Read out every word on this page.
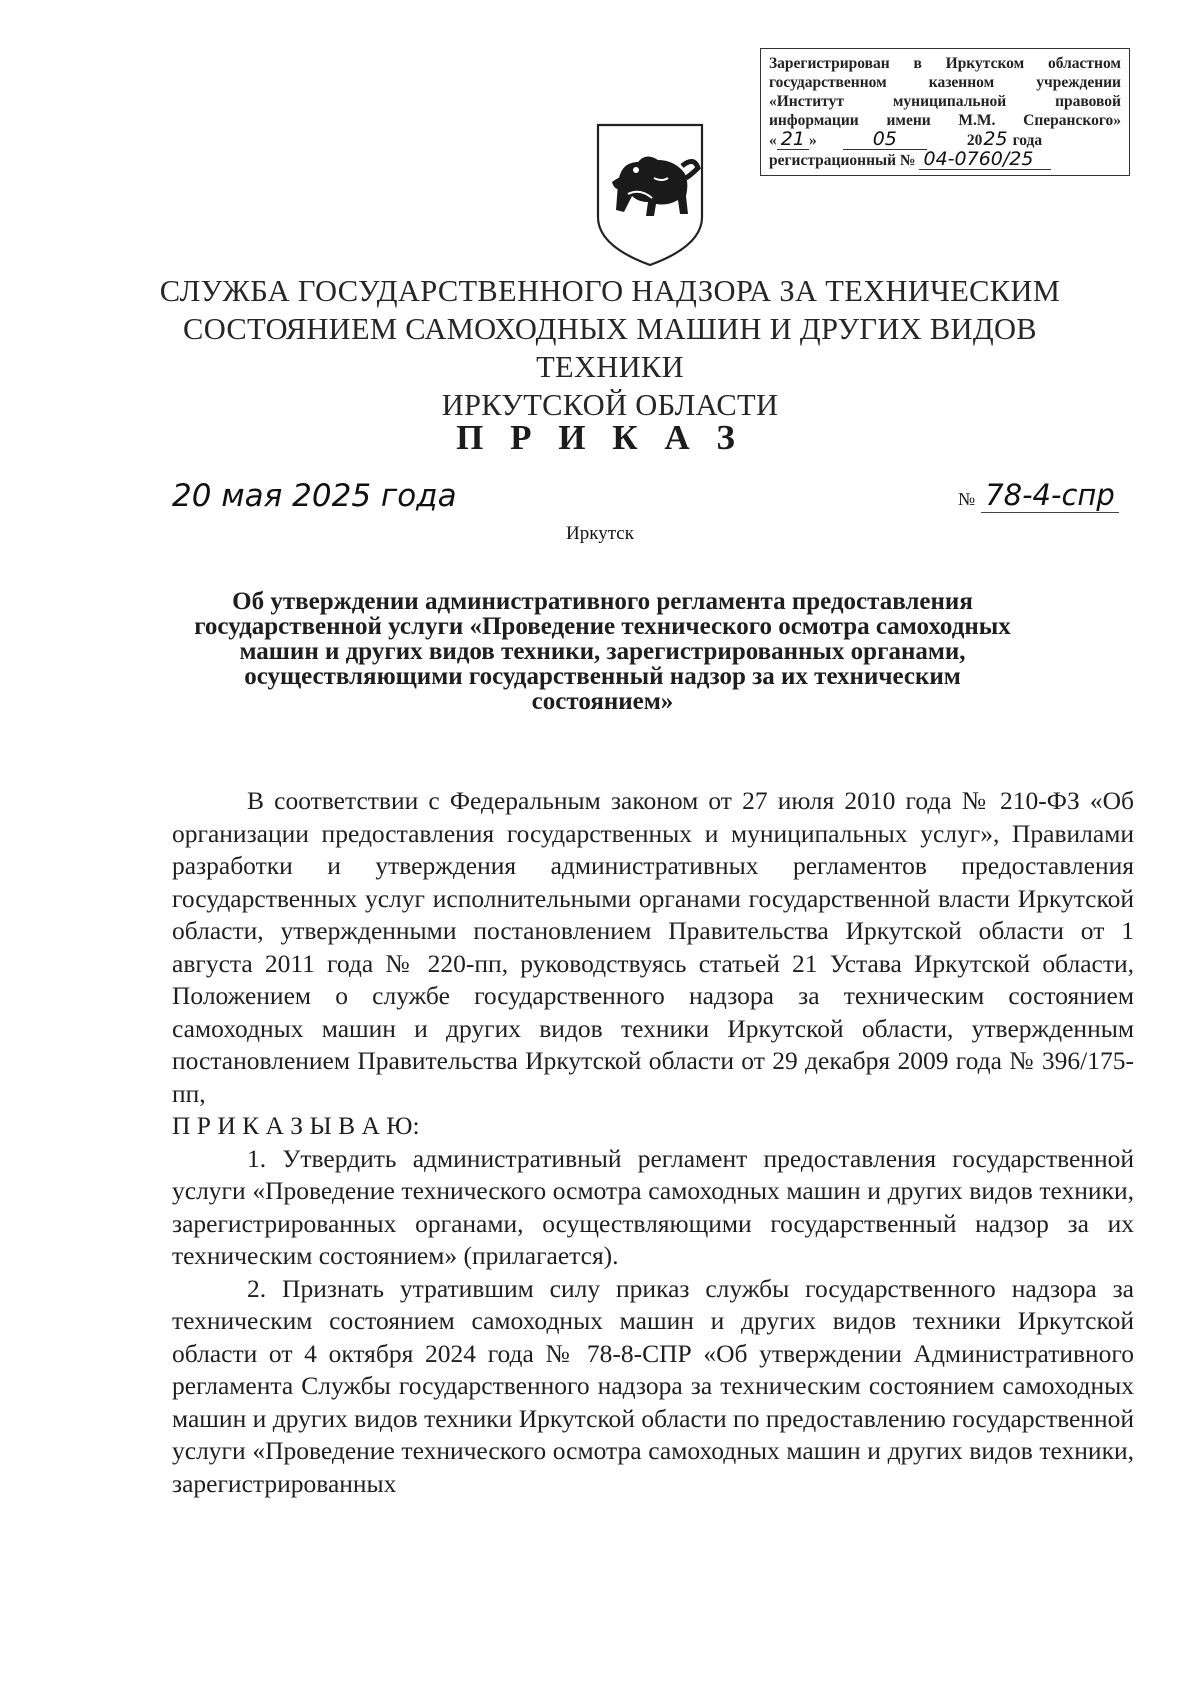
Зарегистрирован в Иркутском областном
государственном казенном учреждении
«Институт муниципальной правовой
информации имени М.М. Сперанского»
« 21 »	05	20 25 года
регистрационный № 04-0760/25
СЛУЖБА ГОСУДАРСТВЕННОГО НАДЗОРА ЗА ТЕХНИЧЕСКИМ
СОСТОЯНИЕМ САМОХОДНЫХ МАШИН И ДРУГИХ ВИДОВ ТЕХНИКИ
ИРКУТСКОЙ ОБЛАСТИ
П Р И К А З
20 мая 2025 года	№ 78-4-спр
Иркутск
Об утверждении административного регламента предоставления
государственной услуги «Проведение технического осмотра самоходных
машин и других видов техники, зарегистрированных органами,
осуществляющими государственный надзор за их техническим
состоянием»

В соответствии с Федеральным законом от 27 июля 2010 года № 210-ФЗ «Об организации предоставления государственных и муниципальных услуг», Правилами разработки и утверждения административных регламентов предоставления государственных услуг исполнительными органами государственной власти Иркутской области, утвержденными постановлением Правительства Иркутской области от 1 августа 2011 года № 220-пп, руководствуясь статьей 21 Устава Иркутской области, Положением о службе государственного надзора за техническим состоянием самоходных машин и других видов техники Иркутской области, утвержденным постановлением Правительства Иркутской области от 29 декабря 2009 года № 396/175-пп,

П Р И К А З Ы В А Ю:

1. Утвердить административный регламент предоставления государственной услуги «Проведение технического осмотра самоходных машин и других видов техники, зарегистрированных органами, осуществляющими государственный надзор за их техническим состоянием» (прилагается).

2. Признать утратившим силу приказ службы государственного надзора за техническим состоянием самоходных машин и других видов техники Иркутской области от 4 октября 2024 года № 78-8-СПР «Об утверждении Административного регламента Службы государственного надзора за техническим состоянием самоходных машин и других видов техники Иркутской области по предоставлению государственной услуги «Проведение технического осмотра самоходных машин и других видов техники, зарегистрированных
